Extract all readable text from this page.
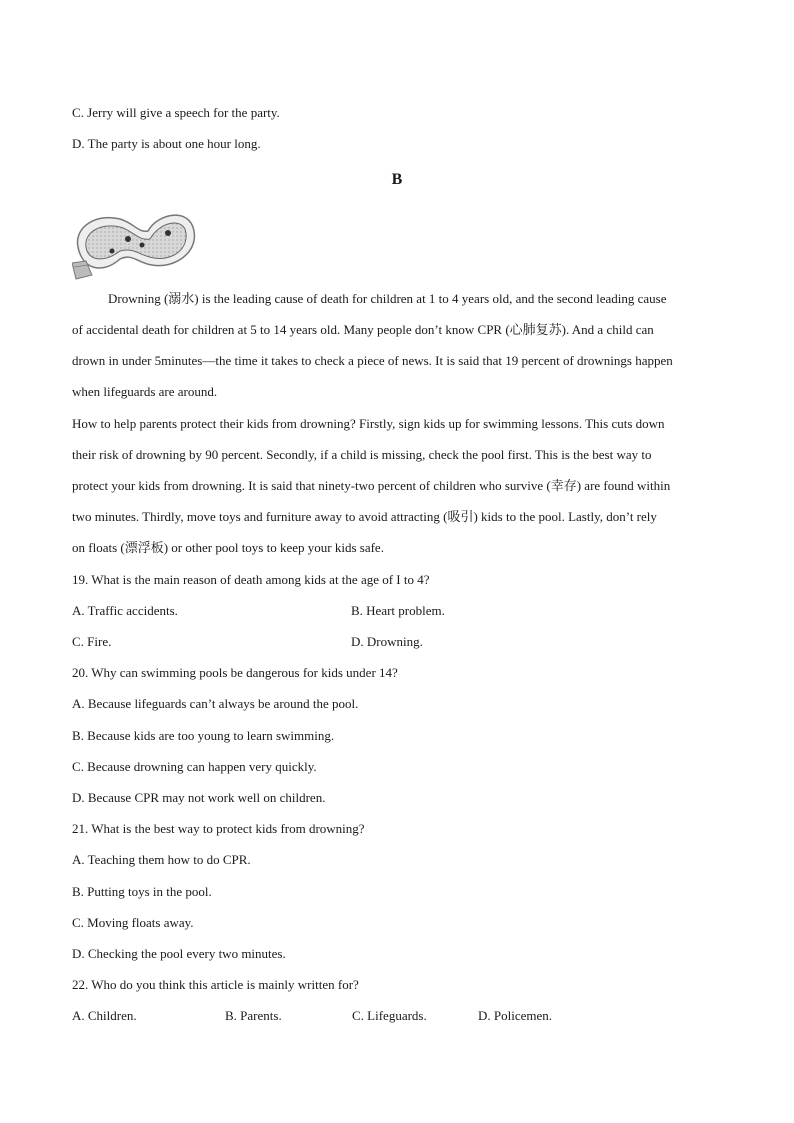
C. Jerry will give a speech for the party.
D. The party is about one hour long.
B
Drowning (溺水) is the leading cause of death for children at 1 to 4 years old, and the second leading cause
of accidental death for children at 5 to 14 years old. Many people don’t know CPR (心肺复苏). And a child can
drown in under 5minutes—the time it takes to check a piece of news. It is said that 19 percent of drownings happen
when lifeguards are around.
How to help parents protect their kids from drowning? Firstly, sign kids up for swimming lessons. This cuts down
their risk of drowning by 90 percent. Secondly, if a child is missing, check the pool first. This is the best way to
protect your kids from drowning. It is said that ninety-two percent of children who survive (幸存) are found within
two minutes. Thirdly, move toys and furniture away to avoid attracting (吸引) kids to the pool. Lastly, don’t rely
on floats (漂浮板) or other pool toys to keep your kids safe.
19. What is the main reason of death among kids at the age of I to 4?
A. Traffic accidents.	B. Heart problem.
C. Fire.	D. Drowning.
20. Why can swimming pools be dangerous for kids under 14?
A. Because lifeguards can’t always be around the pool.
B. Because kids are too young to learn swimming.
C. Because drowning can happen very quickly.
D. Because CPR may not work well on children.
21. What is the best way to protect kids from drowning?
A. Teaching them how to do CPR.
B. Putting toys in the pool.
C. Moving floats away.
D. Checking the pool every two minutes.
22. Who do you think this article is mainly written for?
A. Children.	B. Parents.	C. Lifeguards.	D. Policemen.
